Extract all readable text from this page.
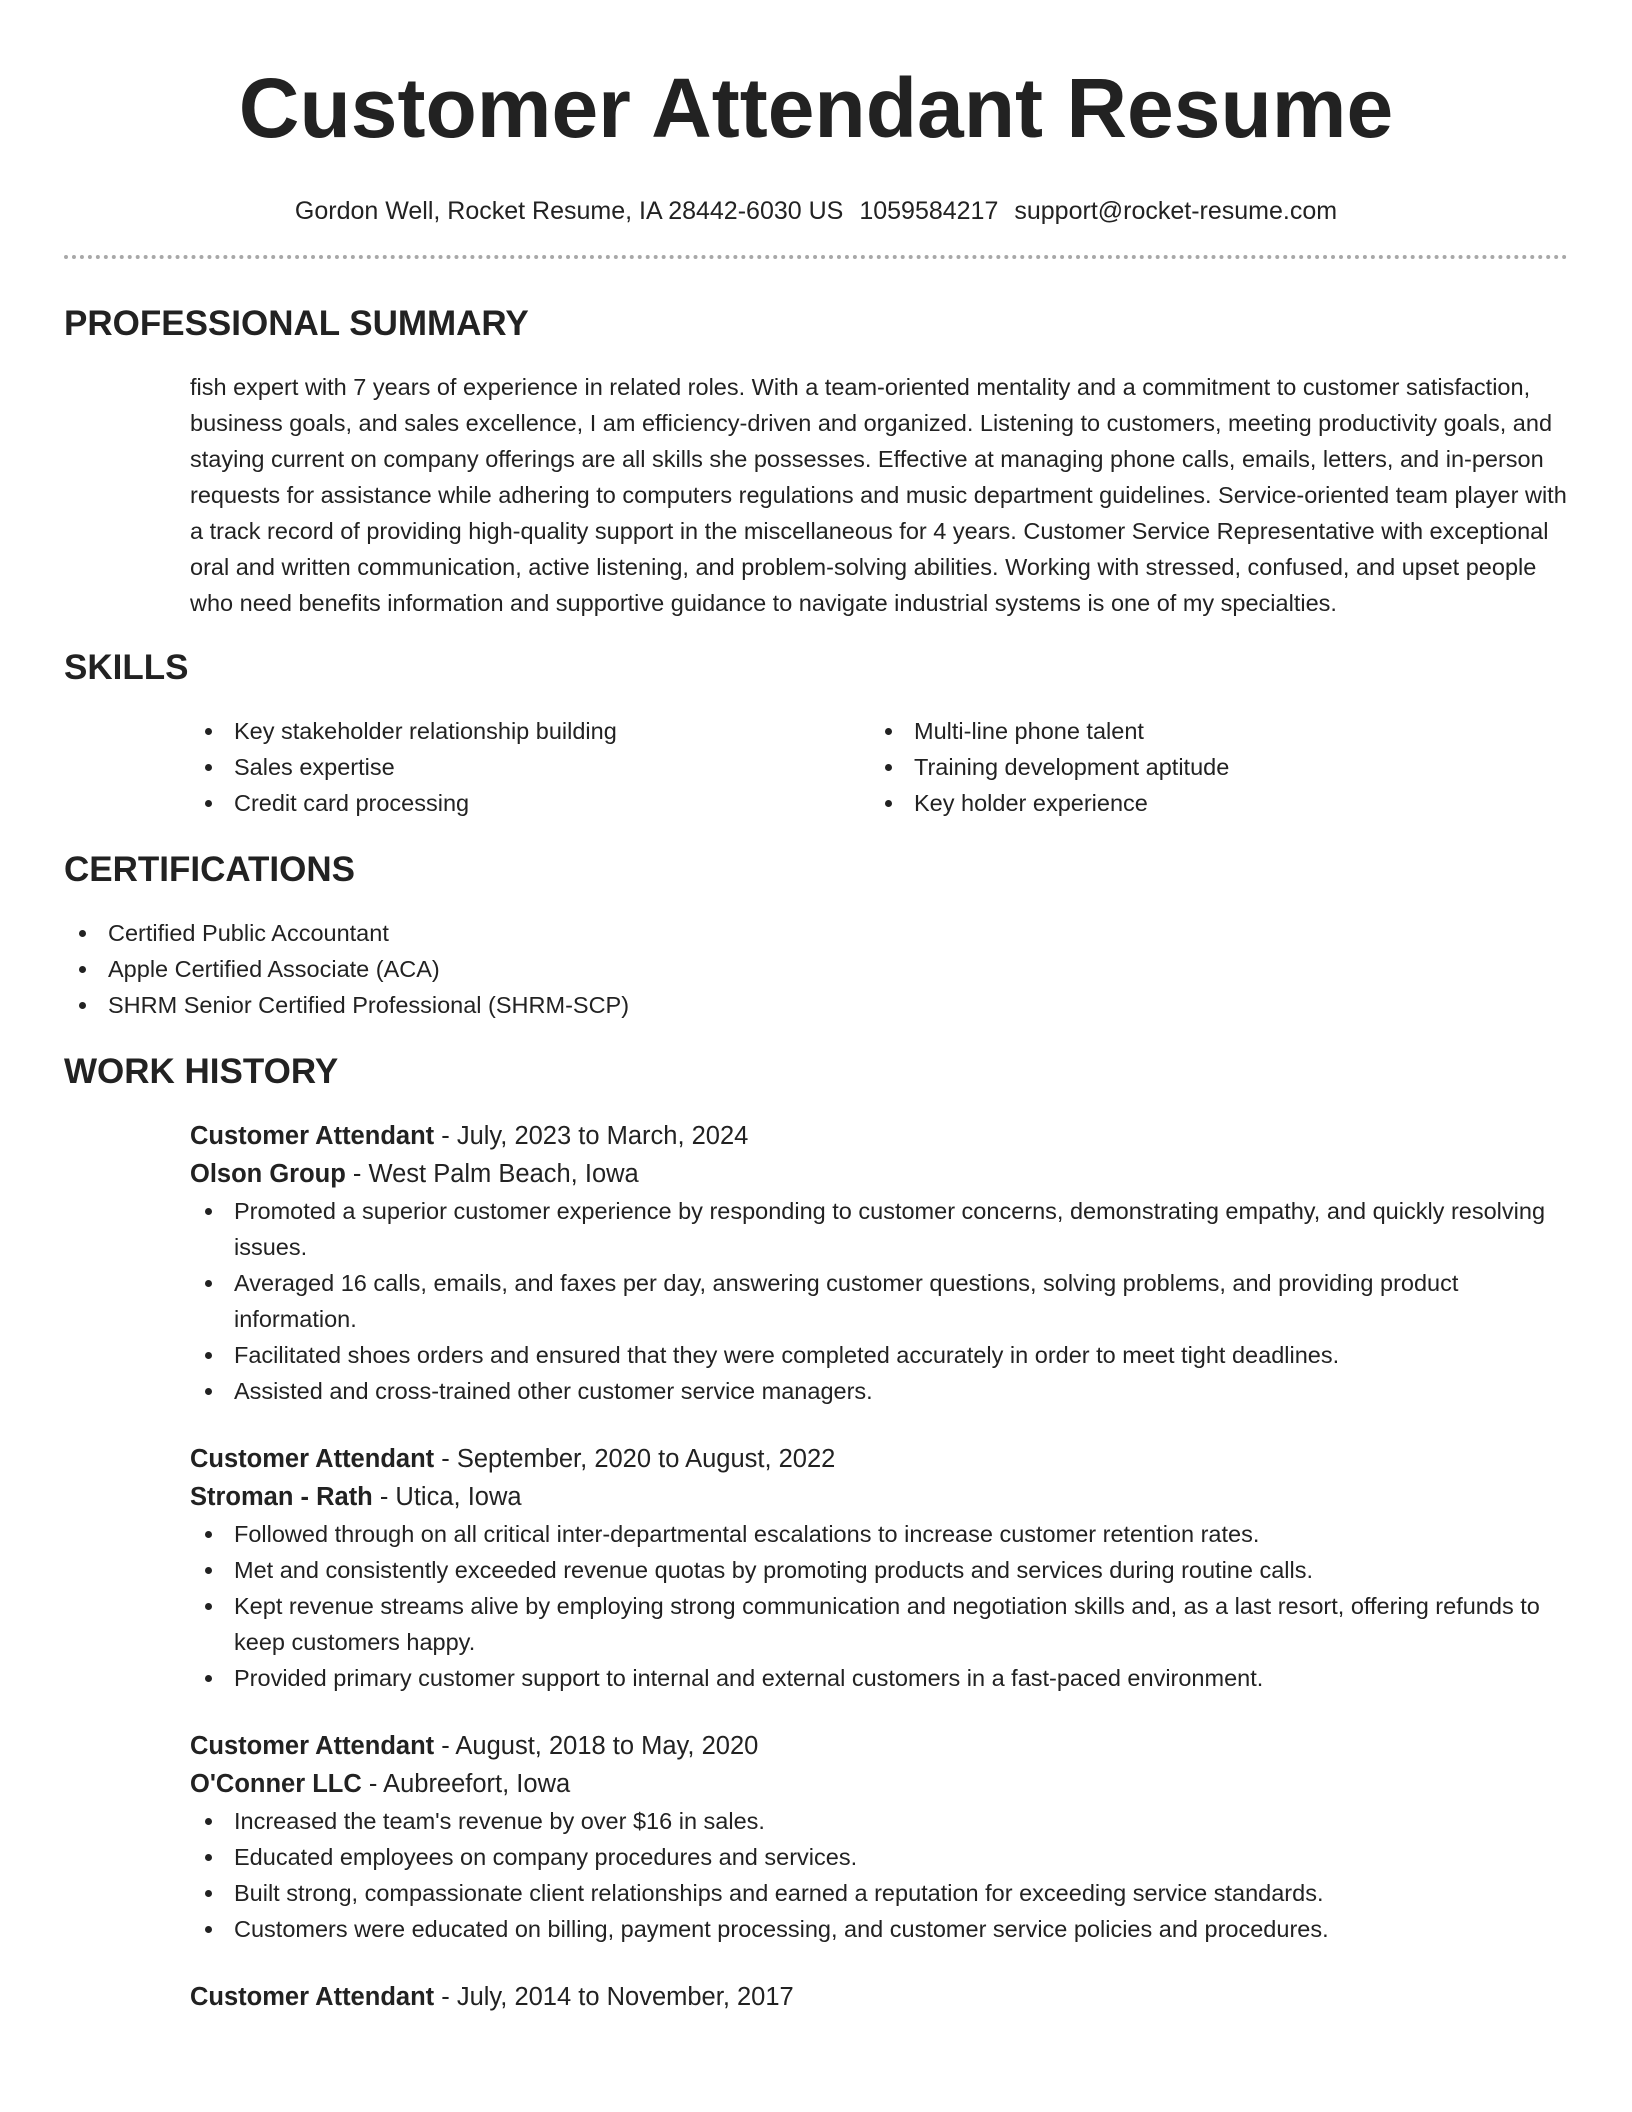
Customer Attendant Resume
Gordon Well, Rocket Resume, IA 28442-6030 US 1059584217 support@rocket-resume.com
PROFESSIONAL SUMMARY

fish expert with 7 years of experience in related roles. With a team-oriented mentality and a commitment to customer satisfaction, business goals, and sales excellence, I am efficiency-driven and organized. Listening to customers, meeting productivity goals, and staying current on company offerings are all skills she possesses. Effective at managing phone calls, emails, letters, and in-person requests for assistance while adhering to computers regulations and music department guidelines. Service-oriented team player with a track record of providing high-quality support in the miscellaneous for 4 years. Customer Service Representative with exceptional oral and written communication, active listening, and problem-solving abilities. Working with stressed, confused, and upset people who need benefits information and supportive guidance to navigate industrial systems is one of my specialties.

SKILLS
Key stakeholder relationship building
Sales expertise
Credit card processing
Multi-line phone talent
Training development aptitude
Key holder experience
CERTIFICATIONS
Certified Public Accountant
Apple Certified Associate (ACA)
SHRM Senior Certified Professional (SHRM-SCP)
WORK HISTORY
Customer Attendant - July, 2023 to March, 2024
Olson Group - West Palm Beach, Iowa
Promoted a superior customer experience by responding to customer concerns, demonstrating empathy, and quickly resolving issues.
Averaged 16 calls, emails, and faxes per day, answering customer questions, solving problems, and providing product information.
Facilitated shoes orders and ensured that they were completed accurately in order to meet tight deadlines.
Assisted and cross-trained other customer service managers.
Customer Attendant - September, 2020 to August, 2022
Stroman - Rath - Utica, Iowa
Followed through on all critical inter-departmental escalations to increase customer retention rates.
Met and consistently exceeded revenue quotas by promoting products and services during routine calls.
Kept revenue streams alive by employing strong communication and negotiation skills and, as a last resort, offering refunds to keep customers happy.
Provided primary customer support to internal and external customers in a fast-paced environment.
Customer Attendant - August, 2018 to May, 2020
O'Conner LLC - Aubreefort, Iowa
Increased the team's revenue by over $16 in sales.
Educated employees on company procedures and services.
Built strong, compassionate client relationships and earned a reputation for exceeding service standards.
Customers were educated on billing, payment processing, and customer service policies and procedures.
Customer Attendant - July, 2014 to November, 2017
